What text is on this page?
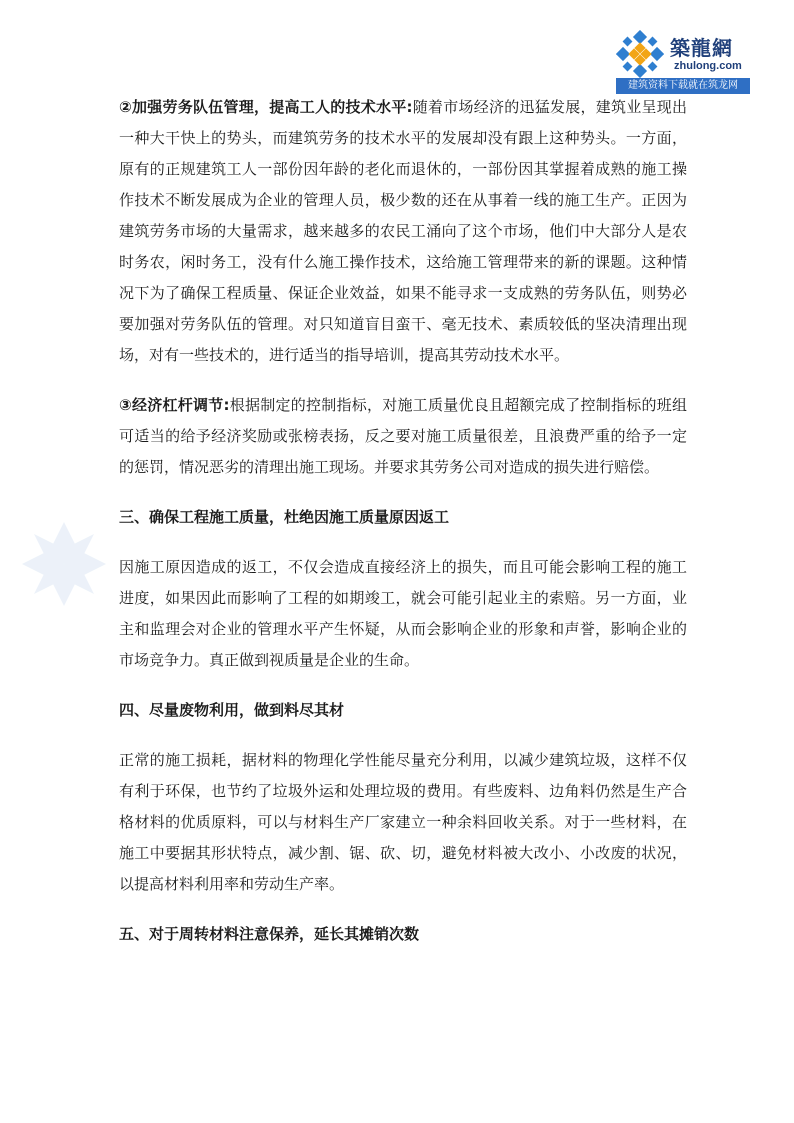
築龍網
zhulong.com
建筑资料下载就在筑龙网

②加强劳务队伍管理，提高工人的技术水平:随着市场经济的迅猛发展，建筑业呈现出一种大干快上的势头，而建筑劳务的技术水平的发展却没有跟上这种势头。一方面，原有的正规建筑工人一部份因年龄的老化而退休的，一部份因其掌握着成熟的施工操作技术不断发展成为企业的管理人员，极少数的还在从事着一线的施工生产。正因为建筑劳务市场的大量需求，越来越多的农民工涌向了这个市场，他们中大部分人是农时务农，闲时务工，没有什么施工操作技术，这给施工管理带来的新的课题。这种情况下为了确保工程质量、保证企业效益，如果不能寻求一支成熟的劳务队伍，则势必要加强对劳务队伍的管理。对只知道盲目蛮干、毫无技术、素质较低的坚决清理出现场，对有一些技术的，进行适当的指导培训，提高其劳动技术水平。

③经济杠杆调节:根据制定的控制指标，对施工质量优良且超额完成了控制指标的班组可适当的给予经济奖励或张榜表扬，反之要对施工质量很差，且浪费严重的给予一定的惩罚，情况恶劣的清理出施工现场。并要求其劳务公司对造成的损失进行赔偿。

三、确保工程施工质量，杜绝因施工质量原因返工

因施工原因造成的返工，不仅会造成直接经济上的损失，而且可能会影响工程的施工进度，如果因此而影响了工程的如期竣工，就会可能引起业主的索赔。另一方面，业主和监理会对企业的管理水平产生怀疑，从而会影响企业的形象和声誉，影响企业的市场竞争力。真正做到视质量是企业的生命。

四、尽量废物利用，做到料尽其材

正常的施工损耗，据材料的物理化学性能尽量充分利用，以减少建筑垃圾，这样不仅有利于环保，也节约了垃圾外运和处理垃圾的费用。有些废料、边角料仍然是生产合格材料的优质原料，可以与材料生产厂家建立一种余料回收关系。对于一些材料，在施工中要据其形状特点，减少割、锯、砍、切，避免材料被大改小、小改废的状况，以提高材料利用率和劳动生产率。

五、对于周转材料注意保养，延长其摊销次数
